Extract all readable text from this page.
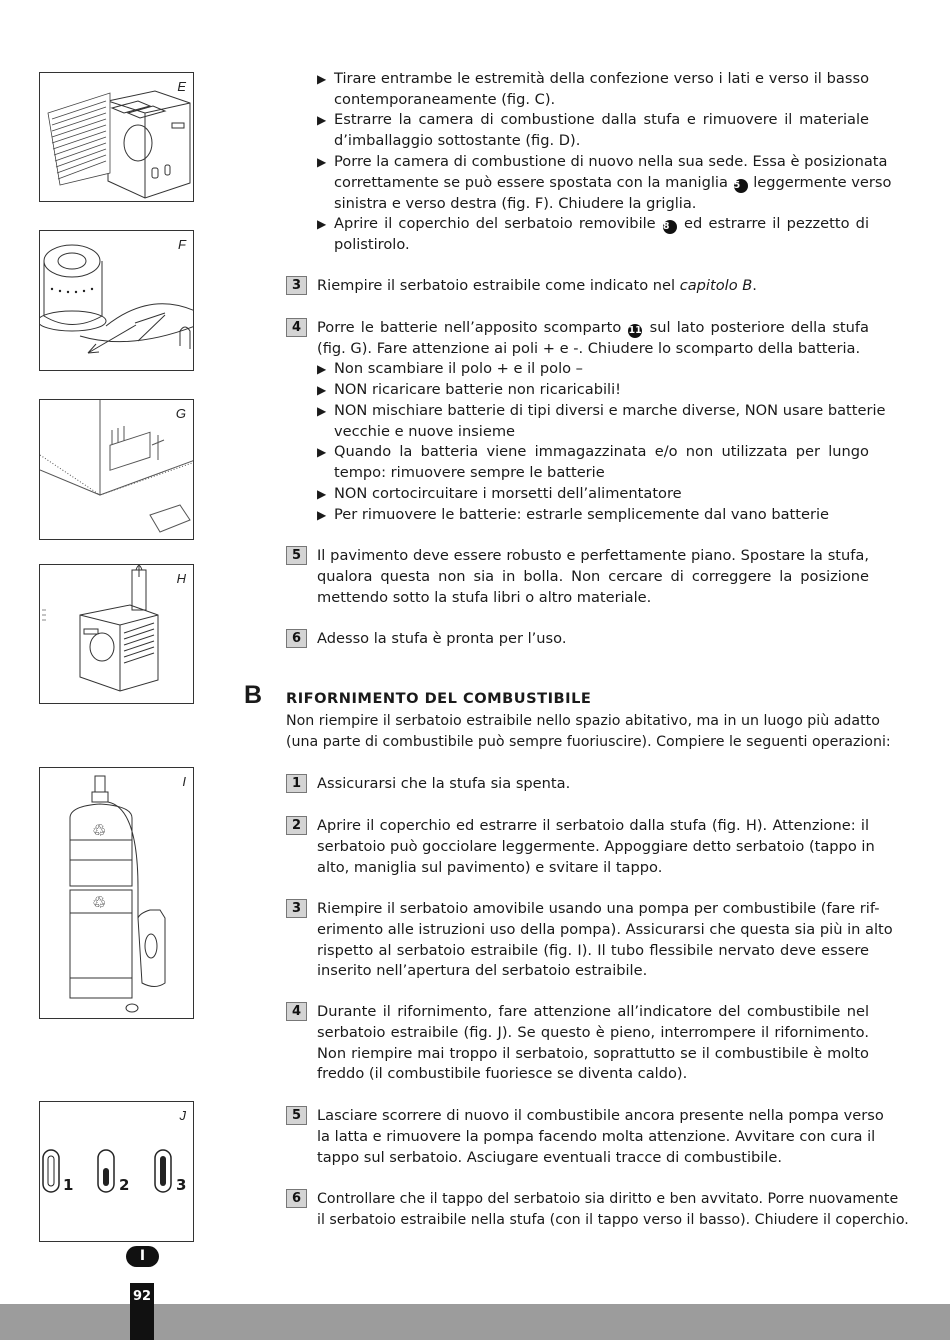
E
F
G
H
♲
♲
I
J
1	2	3
▶ Tirare entrambe le estremità della confezione verso i lati e verso il basso
contemporaneamente (fig. C).
▶ Estrarre la camera di combustione dalla stufa e rimuovere il materiale
d’imballaggio sottostante (fig. D).
▶ Porre la camera di combustione di nuovo nella sua sede. Essa è posizionata
correttamente se può essere spostata con la maniglia 5 leggermente verso
sinistra e verso destra (fig. F). Chiudere la griglia.
▶ Aprire il coperchio del serbatoio removibile 8 ed estrarre il pezzetto di
polistirolo.
3	Riempire il serbatoio estraibile come indicato nel capitolo B.
4	Porre le batterie nell’apposito scomparto 11 sul lato posteriore della stufa
(fig. G). Fare attenzione ai poli + e -. Chiudere lo scomparto della batteria.
▶ Non scambiare il polo + e il polo –
▶ NON ricaricare batterie non ricaricabili!
▶ NON mischiare batterie di tipi diversi e marche diverse, NON usare batterie
vecchie e nuove insieme
▶ Quando la batteria viene immagazzinata e/o non utilizzata per lungo
tempo: rimuovere sempre le batterie
▶ NON cortocircuitare i morsetti dell’alimentatore
▶ Per rimuovere le batterie: estrarle semplicemente dal vano batterie
5	Il pavimento deve essere robusto e perfettamente piano. Spostare la stufa,
qualora questa non sia in bolla. Non cercare di correggere la posizione
mettendo sotto la stufa libri o altro materiale.
6	Adesso la stufa è pronta per l’uso.
B RIFORNIMENTO DEL COMBUSTIBILE
Non riempire il serbatoio estraibile nello spazio abitativo, ma in un luogo più adatto
(una parte di combustibile può sempre fuoriuscire). Compiere le seguenti operazioni:
1	Assicurarsi che la stufa sia spenta.
2	Aprire il coperchio ed estrarre il serbatoio dalla stufa (fig. H). Attenzione: il
serbatoio può gocciolare leggermente. Appoggiare detto serbatoio (tappo in
alto, maniglia sul pavimento) e svitare il tappo.
3	Riempire il serbatoio amovibile usando una pompa per combustibile (fare rif-
erimento alle istruzioni uso della pompa). Assicurarsi che questa sia più in alto
rispetto al serbatoio estraibile (fig. I). Il tubo flessibile nervato deve essere
inserito nell’apertura del serbatoio estraibile.
4	Durante il rifornimento, fare attenzione all’indicatore del combustibile nel
serbatoio estraibile (fig. J). Se questo è pieno, interrompere il rifornimento.
Non riempire mai troppo il serbatoio, soprattutto se il combustibile è molto
freddo (il combustibile fuoriesce se diventa caldo).
5	Lasciare scorrere di nuovo il combustibile ancora presente nella pompa verso
la latta e rimuovere la pompa facendo molta attenzione. Avvitare con cura il
tappo sul serbatoio. Asciugare eventuali tracce di combustibile.
6	Controllare che il tappo del serbatoio sia diritto e ben avvitato. Porre nuovamente
il serbatoio estraibile nella stufa (con il tappo verso il basso). Chiudere il coperchio.
I
92
